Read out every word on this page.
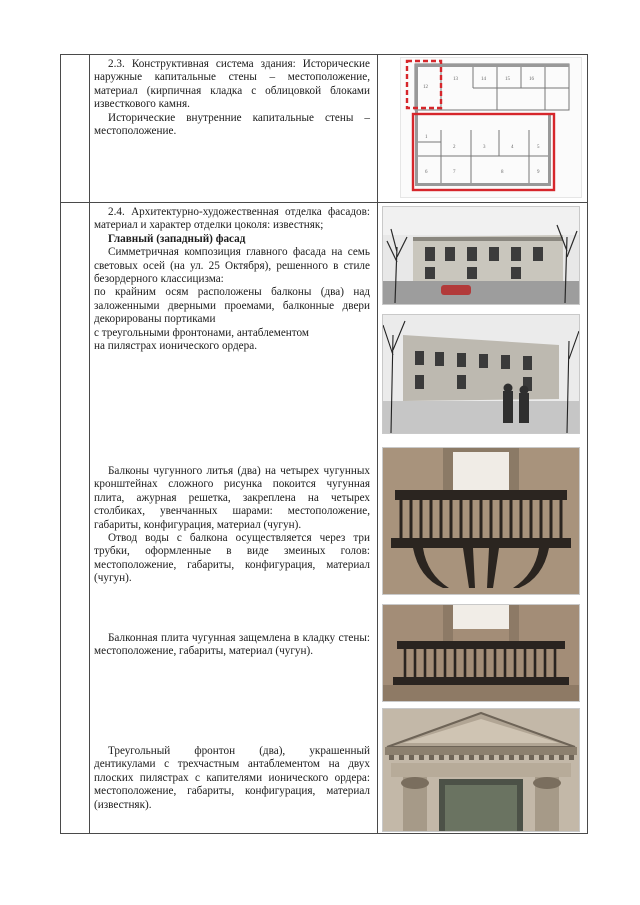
2.3. Конструктивная система здания: Исторические наружные капитальные стены – местоположение, материал (кирпичная кладка с облицовкой блоками известкового камня.

Исторические внутренние капитальные стены – местоположение.

12
13	14	15	16
1
2	3	4	5
6	7	8	9

2.4. Архитектурно-художественная отделка фасадов: материал и характер отделки цоколя: известняк;

Главный (западный) фасад

Симметричная композиция главного фасада на семь световых осей (на ул. 25 Октября), решенного в стиле безордерного классицизма:

по крайним осям расположены балконы (два) над заложенными дверными проемами, балконные двери декорированы портиками

с треугольными фронтонами, антаблементом

на пилястрах ионического ордера.

Балконы чугунного литья (два) на четырех чугунных кронштейнах сложного рисунка покоится чугунная плита, ажурная решетка, закреплена на четырех столбиках, увенчанных шарами: местоположение, габариты, конфигурация, материал (чугун).

Отвод воды с балкона осуществляется через три трубки, оформленные в виде змеиных голов: местоположение, габариты, конфигурация, материал (чугун).

Балконная плита чугунная защемлена в кладку стены: местоположение, габариты, материал (чугун).

Треугольный фронтон (два), украшенный дентикулами с трехчастным антаблементом на двух плоских пилястрах с капителями ионического ордера: местоположение, габариты, конфигурация, материал (известняк).
